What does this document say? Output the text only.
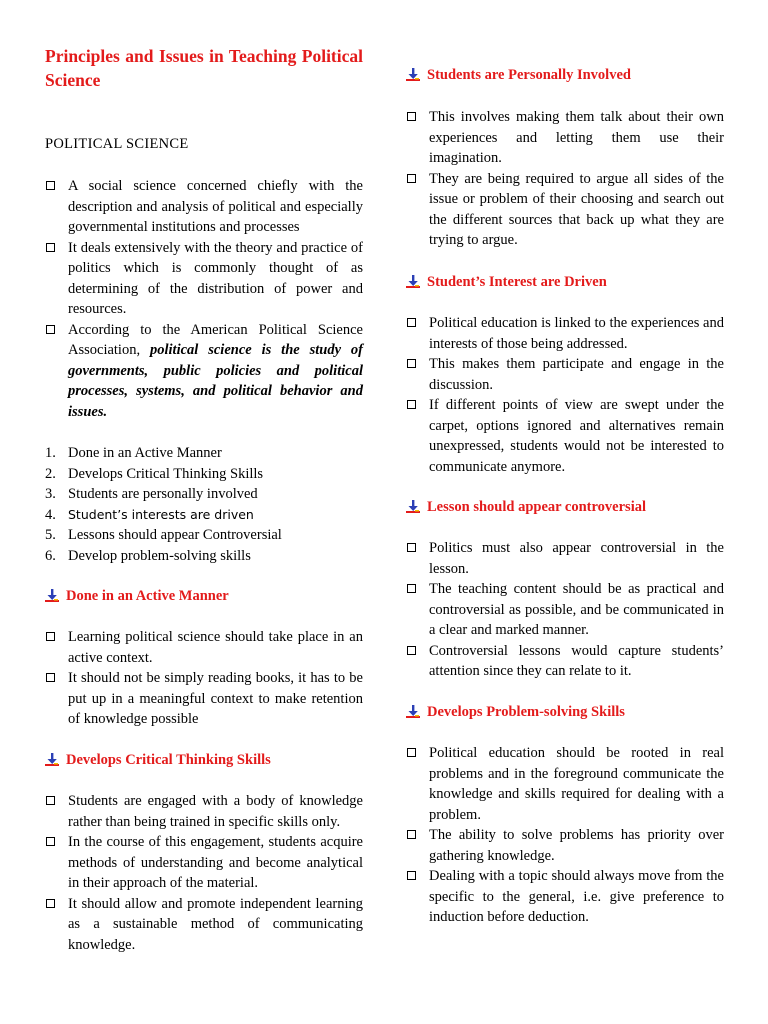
Principles and Issues in Teaching Political Science
POLITICAL SCIENCE
A social science concerned chiefly with the description and analysis of political and especially governmental institutions and processes
It deals extensively with the theory and practice of politics which is commonly thought of as determining of the distribution of power and resources.
According to the American Political Science Association, political science is the study of governments, public policies and political processes, systems, and political behavior and issues.
1. Done in an Active Manner
2. Develops Critical Thinking Skills
3. Students are personally involved
4. Student’s interests are driven
5. Lessons should appear Controversial
6. Develop problem-solving skills
Done in an Active Manner
Learning political science should take place in an active context.
It should not be simply reading books, it has to be put up in a meaningful context to make retention of knowledge possible
Develops Critical Thinking Skills
Students are engaged with a body of knowledge rather than being trained in specific skills only.
In the course of this engagement, students acquire methods of understanding and become analytical in their approach of the material.
It should allow and promote independent learning as a sustainable method of communicating knowledge.
Students are Personally Involved
This involves making them talk about their own experiences and letting them use their imagination.
They are being required to argue all sides of the issue or problem of their choosing and search out the different sources that back up what they are trying to argue.
Student’s Interest are Driven
Political education is linked to the experiences and interests of those being addressed.
This makes them participate and engage in the discussion.
If different points of view are swept under the carpet, options ignored and alternatives remain unexpressed, students would not be interested to communicate anymore.
Lesson should appear controversial
Politics must also appear controversial in the lesson.
The teaching content should be as practical and controversial as possible, and be communicated in a clear and marked manner.
Controversial lessons would capture students’ attention since they can relate to it.
Develops Problem-solving Skills
Political education should be rooted in real problems and in the foreground communicate the knowledge and skills required for dealing with a problem.
The ability to solve problems has priority over gathering knowledge.
Dealing with a topic should always move from the specific to the general, i.e. give preference to induction before deduction.
